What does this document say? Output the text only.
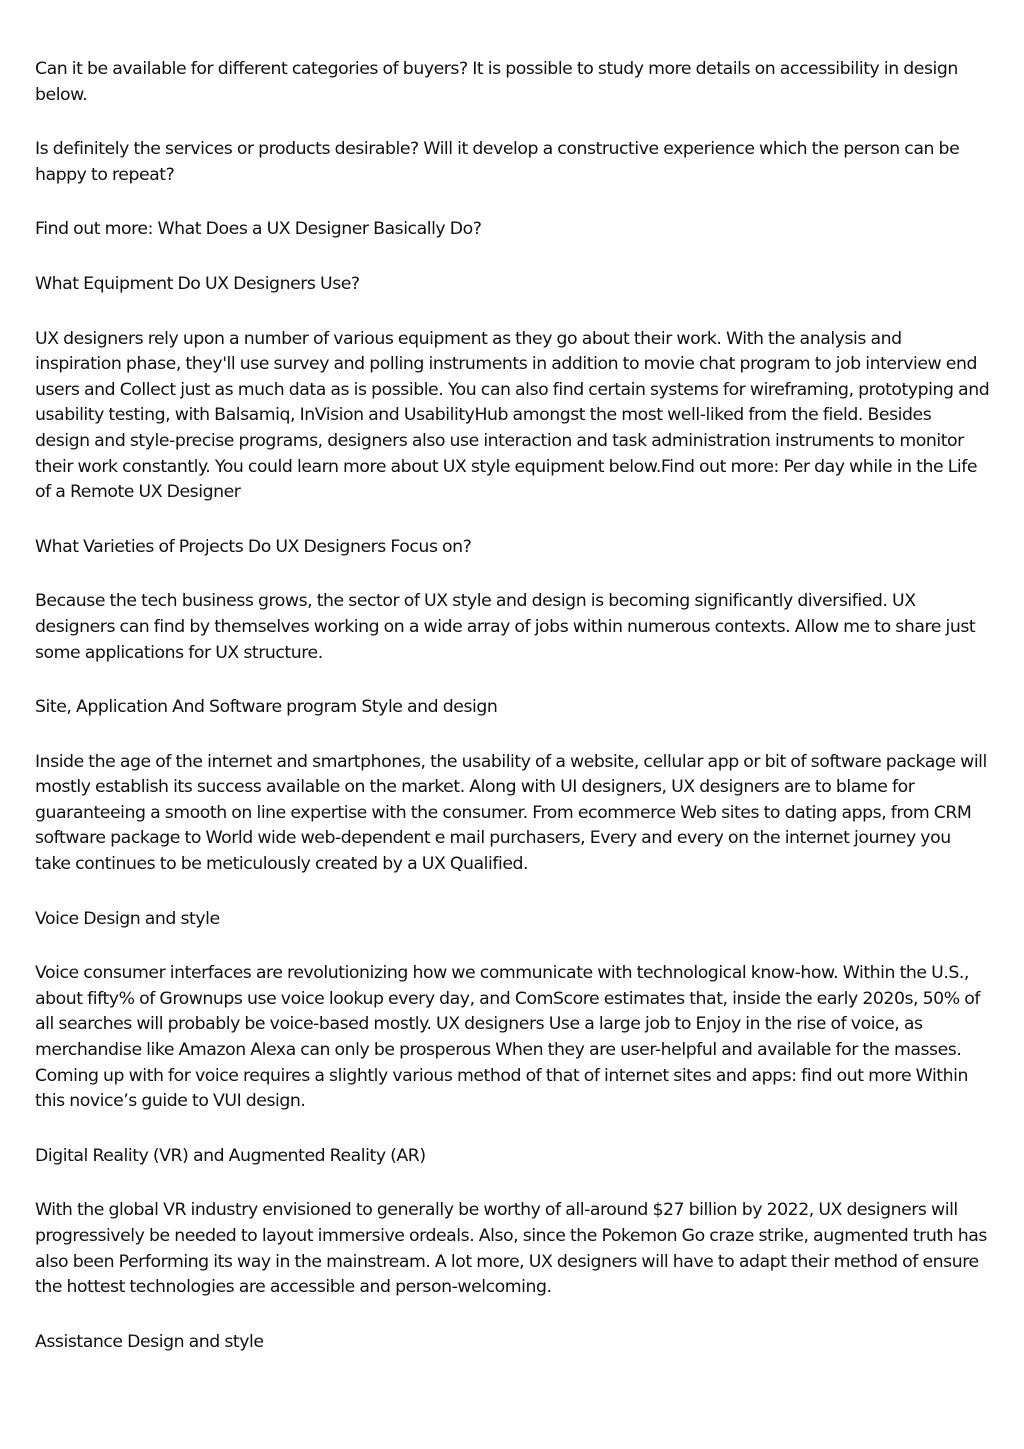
Can it be available for different categories of buyers? It is possible to study more details on accessibility in design below.

Is definitely the services or products desirable? Will it develop a constructive experience which the person can be happy to repeat?

Find out more: What Does a UX Designer Basically Do?

What Equipment Do UX Designers Use?

UX designers rely upon a number of various equipment as they go about their work. With the analysis and inspiration phase, they'll use survey and polling instruments in addition to movie chat program to job interview end users and Collect just as much data as is possible. You can also find certain systems for wireframing, prototyping and usability testing, with Balsamiq, InVision and UsabilityHub amongst the most well-liked from the field. Besides design and style-precise programs, designers also use interaction and task administration instruments to monitor their work constantly. You could learn more about UX style equipment below.Find out more: Per day while in the Life of a Remote UX Designer

What Varieties of Projects Do UX Designers Focus on?

Because the tech business grows, the sector of UX style and design is becoming significantly diversified. UX designers can find by themselves working on a wide array of jobs within numerous contexts. Allow me to share just some applications for UX structure.

Site, Application And Software program Style and design

Inside the age of the internet and smartphones, the usability of a website, cellular app or bit of software package will mostly establish its success available on the market. Along with UI designers, UX designers are to blame for guaranteeing a smooth on line expertise with the consumer. From ecommerce Web sites to dating apps, from CRM software package to World wide web-dependent e mail purchasers, Every and every on the internet journey you take continues to be meticulously created by a UX Qualified.

Voice Design and style

Voice consumer interfaces are revolutionizing how we communicate with technological know-how. Within the U.S., about fifty% of Grownups use voice lookup every day, and ComScore estimates that, inside the early 2020s, 50% of all searches will probably be voice-based mostly. UX designers Use a large job to Enjoy in the rise of voice, as merchandise like Amazon Alexa can only be prosperous When they are user-helpful and available for the masses. Coming up with for voice requires a slightly various method of that of internet sites and apps: find out more Within this novice’s guide to VUI design.

Digital Reality (VR) and Augmented Reality (AR)

With the global VR industry envisioned to generally be worthy of all-around $27 billion by 2022, UX designers will progressively be needed to layout immersive ordeals. Also, since the Pokemon Go craze strike, augmented truth has also been Performing its way in the mainstream. A lot more, UX designers will have to adapt their method of ensure the hottest technologies are accessible and person-welcoming.

Assistance Design and style
